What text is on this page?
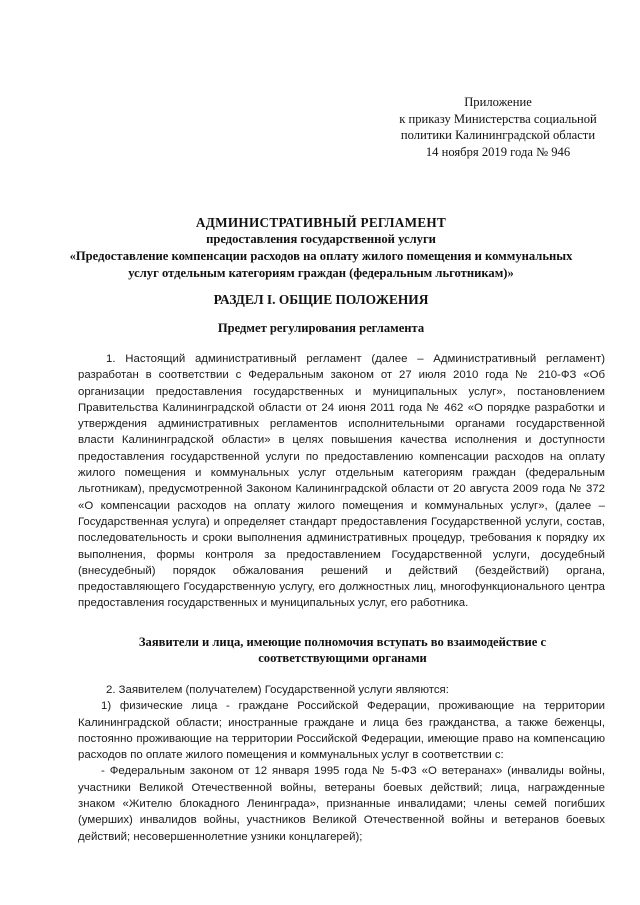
Приложение
к приказу Министерства социальной
политики Калининградской области
14 ноября 2019 года № 946
АДМИНИСТРАТИВНЫЙ РЕГЛАМЕНТ
предоставления государственной услуги
«Предоставление компенсации расходов на оплату жилого помещения и коммунальных услуг отдельным категориям граждан (федеральным льготникам)»
РАЗДЕЛ I. ОБЩИЕ ПОЛОЖЕНИЯ
Предмет регулирования регламента

1. Настоящий административный регламент (далее – Административный регламент) разработан в соответствии с Федеральным законом от 27 июля 2010 года № 210-ФЗ «Об организации предоставления государственных и муниципальных услуг», постановлением Правительства Калининградской области от 24 июня 2011 года № 462 «О порядке разработки и утверждения административных регламентов исполнительными органами государственной власти Калининградской области» в целях повышения качества исполнения и доступности предоставления государственной услуги по предоставлению компенсации расходов на оплату жилого помещения и коммунальных услуг отдельным категориям граждан (федеральным льготникам), предусмотренной Законом Калининградской области от 20 августа 2009 года № 372 «О компенсации расходов на оплату жилого помещения и коммунальных услуг», (далее – Государственная услуга) и определяет стандарт предоставления Государственной услуги, состав, последовательность и сроки выполнения административных процедур, требования к порядку их выполнения, формы контроля за предоставлением Государственной услуги, досудебный (внесудебный) порядок обжалования решений и действий (бездействий) органа, предоставляющего Государственную услугу, его должностных лиц, многофункционального центра предоставления государственных и муниципальных услуг, его работника.

Заявители и лица, имеющие полномочия вступать во взаимодействие с соответствующими органами

2. Заявителем (получателем) Государственной услуги являются:

1) физические лица - граждане Российской Федерации, проживающие на территории Калининградской области; иностранные граждане и лица без гражданства, а также беженцы, постоянно проживающие на территории Российской Федерации, имеющие право на компенсацию расходов по оплате жилого помещения и коммунальных услуг в соответствии с:

- Федеральным законом от 12 января 1995 года № 5-ФЗ «О ветеранах» (инвалиды войны, участники Великой Отечественной войны, ветераны боевых действий; лица, награжденные знаком «Жителю блокадного Ленинграда», признанные инвалидами; члены семей погибших (умерших) инвалидов войны, участников Великой Отечественной войны и ветеранов боевых действий; несовершеннолетние узники концлагерей);
